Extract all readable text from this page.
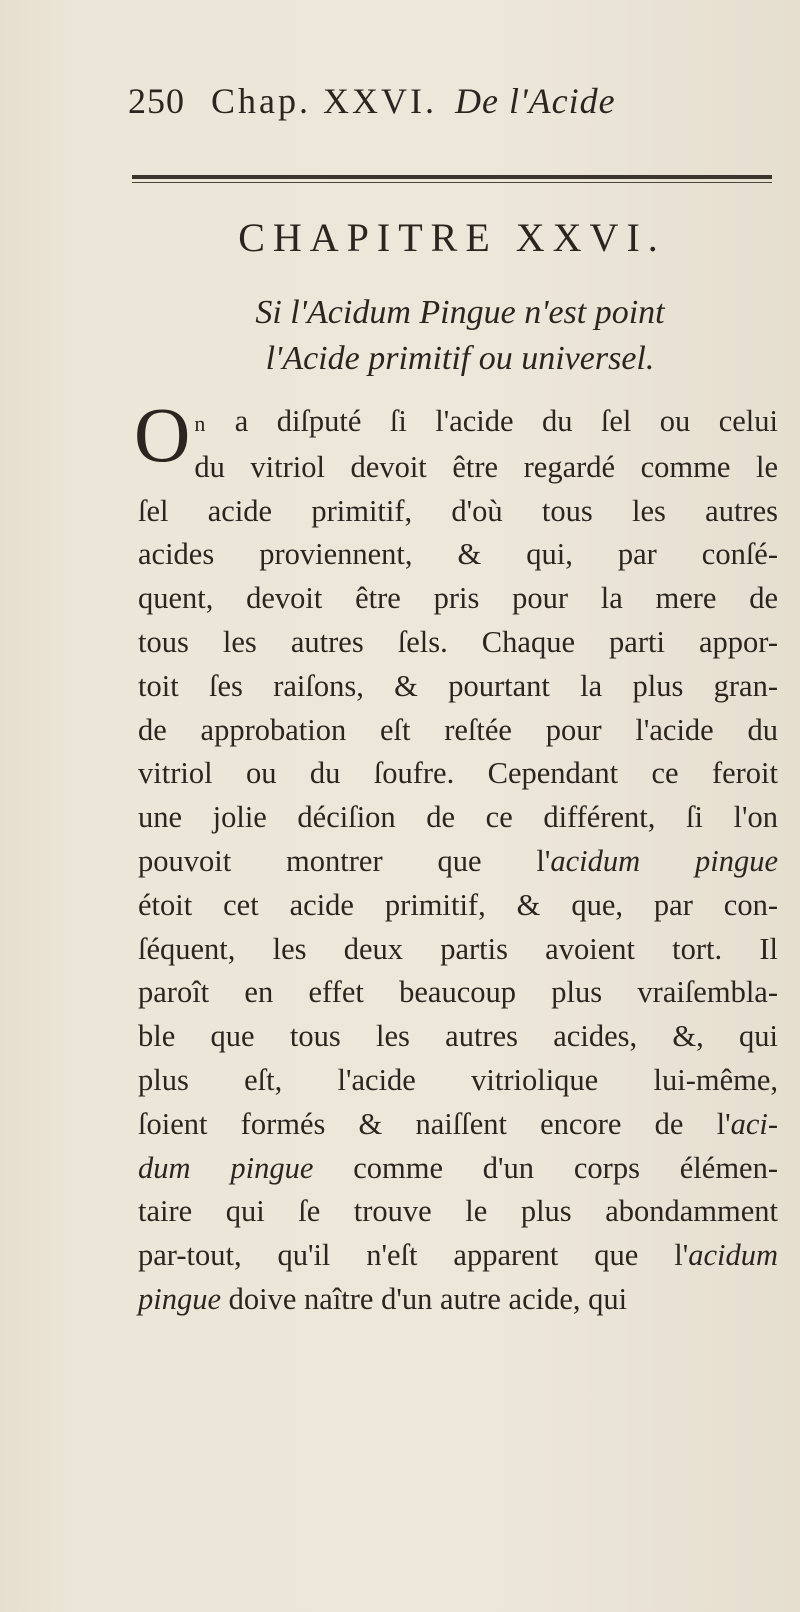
250 Chap. XXVI. De l'Acide
CHAPITRE XXVI.
Si l'Acidum Pingue n'est point
l'Acide primitif ou universel.
O n a diſputé ſi l'acide du ſel ou celui
du vitriol devoit être regardé comme le
ſel acide primitif, d'où tous les autres
acides proviennent, & qui, par conſé-
quent, devoit être pris pour la mere de
tous les autres ſels. Chaque parti appor-
toit ſes raiſons, & pourtant la plus gran-
de approbation eſt reſtée pour l'acide du
vitriol ou du ſoufre. Cependant ce feroit
une jolie déciſion de ce différent, ſi l'on
pouvoit montrer que l'acidum pingue
étoit cet acide primitif, & que, par con-
ſéquent, les deux partis avoient tort. Il
paroît en effet beaucoup plus vraiſembla-
ble que tous les autres acides, &, qui
plus eſt, l'acide vitriolique lui-même,
ſoient formés & naiſſent encore de l'aci-
dum pingue comme d'un corps élémen-
taire qui ſe trouve le plus abondamment
par-tout, qu'il n'eſt apparent que l'acidum
pingue doive naître d'un autre acide, qui
